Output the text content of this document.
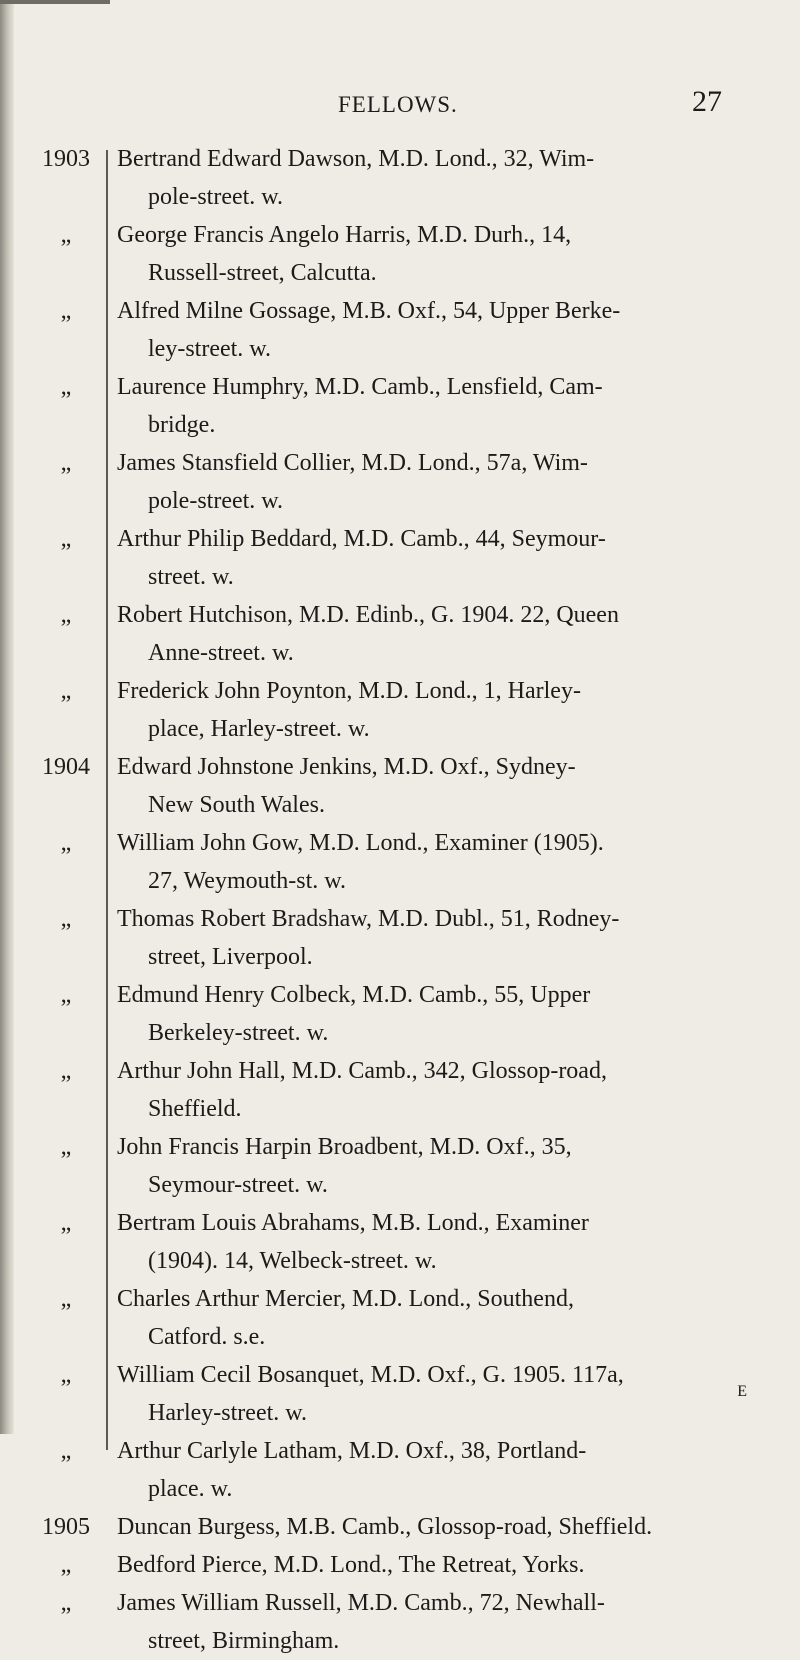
FELLOWS.	27
1903 Bertrand Edward Dawson, M.D. Lond., 32, Wim-
pole-street. w.
„	George Francis Angelo Harris, M.D. Durh., 14,
Russell-street, Calcutta.
„	Alfred Milne Gossage, M.B. Oxf., 54, Upper Berke-
ley-street. w.
„	Laurence Humphry, M.D. Camb., Lensfield, Cam-
bridge.
„	James Stansfield Collier, M.D. Lond., 57a, Wim-
pole-street. w.
„	Arthur Philip Beddard, M.D. Camb., 44, Seymour-
street. w.
„	Robert Hutchison, M.D. Edinb., G. 1904. 22, Queen
Anne-street. w.
„	Frederick John Poynton, M.D. Lond., 1, Harley-
place, Harley-street. w.
1904 Edward Johnstone Jenkins, M.D. Oxf., Sydney-
New South Wales.
„	William John Gow, M.D. Lond., Examiner (1905).
27, Weymouth-st. w.
„	Thomas Robert Bradshaw, M.D. Dubl., 51, Rodney-
street, Liverpool.
„	Edmund Henry Colbeck, M.D. Camb., 55, Upper
Berkeley-street. w.
„	Arthur John Hall, M.D. Camb., 342, Glossop-road,
Sheffield.
„	John Francis Harpin Broadbent, M.D. Oxf., 35,
Seymour-street. w.
„	Bertram Louis Abrahams, M.B. Lond., Examiner
(1904). 14, Welbeck-street. w.
„	Charles Arthur Mercier, M.D. Lond., Southend,
Catford. s.e.
„	William Cecil Bosanquet, M.D. Oxf., G. 1905. 117a,
Harley-street. w.
„	Arthur Carlyle Latham, M.D. Oxf., 38, Portland-
place. w.
1905 Duncan Burgess, M.B. Camb., Glossop-road, Sheffield.
„	Bedford Pierce, M.D. Lond., The Retreat, Yorks.
„	James William Russell, M.D. Camb., 72, Newhall-
street, Birmingham.
E
